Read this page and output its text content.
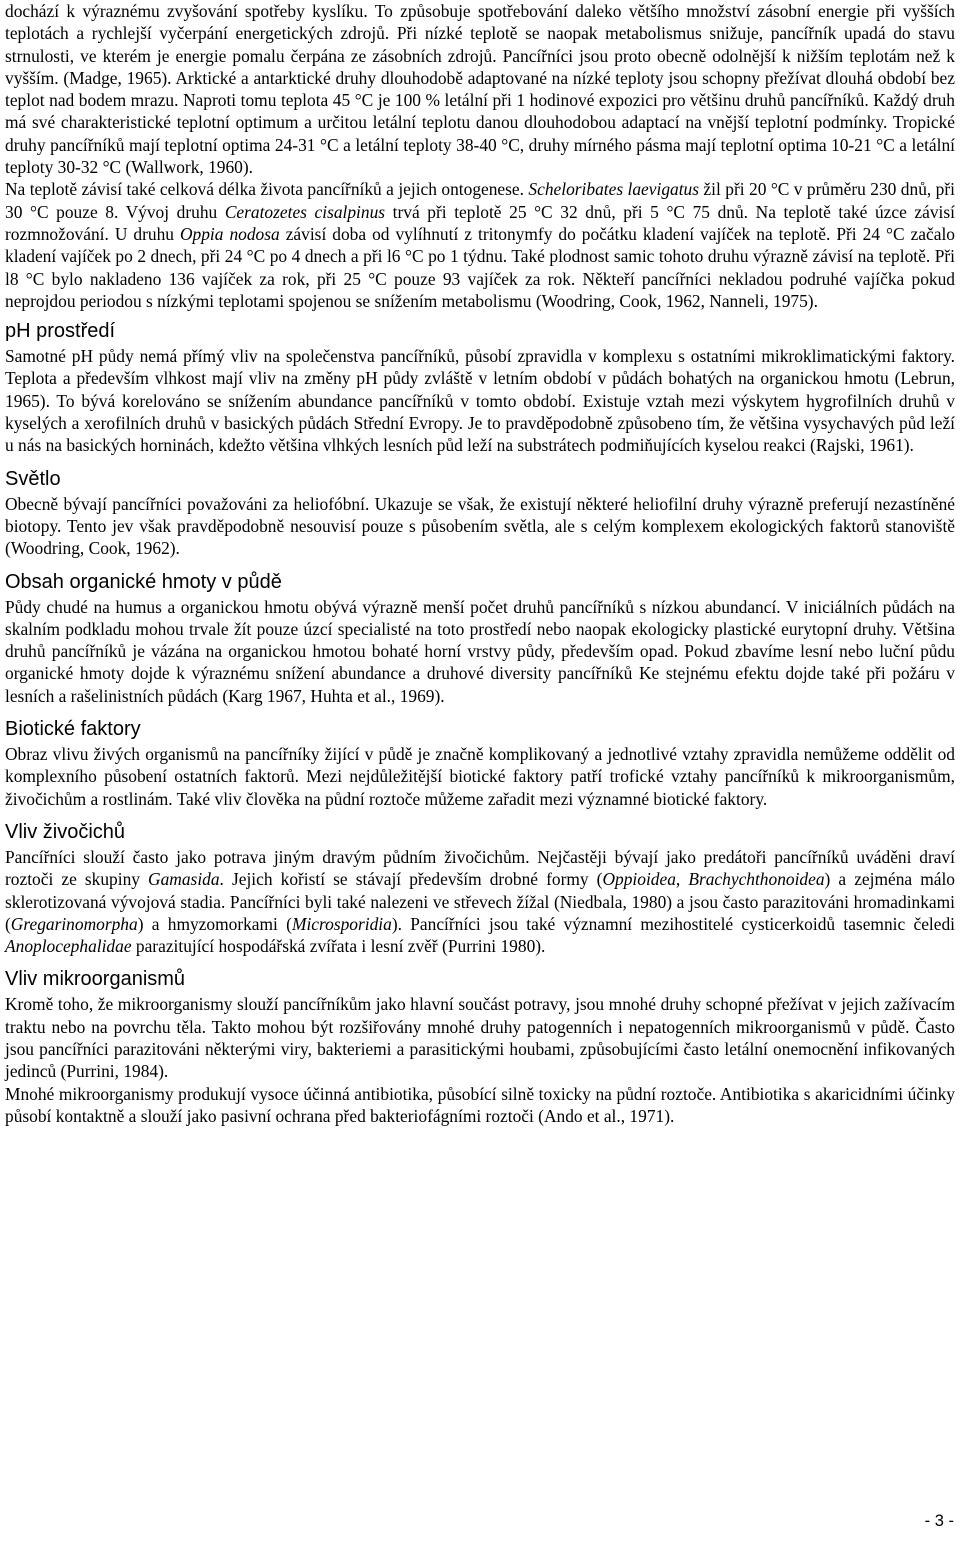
dochází k výraznému zvyšování spotřeby kyslíku. To způsobuje spotřebování daleko většího množství zásobní energie při vyšších teplotách a rychlejší vyčerpání energetických zdrojů. Při nízké teplotě se naopak metabolismus snižuje, pancířník upadá do stavu strnulosti, ve kterém je energie pomalu čerpána ze zásobních zdrojů. Pancířníci jsou proto obecně odolnější k nižším teplotám než k vyšším. (Madge, 1965). Arktické a antarktické druhy dlouhodobě adaptované na nízké teploty jsou schopny přežívat dlouhá období bez teplot nad bodem mrazu. Naproti tomu teplota 45 °C je 100 % letální při 1 hodinové expozici pro většinu druhů pancířníků. Každý druh má své charakteristické teplotní optimum a určitou letální teplotu danou dlouhodobou adaptací na vnější teplotní podmínky. Tropické druhy pancířníků mají teplotní optima 24-31 °C a letální teploty 38-40 °C, druhy mírného pásma mají teplotní optima 10-21 °C a letální teploty 30-32 °C (Wallwork, 1960).

Na teplotě závisí také celková délka života pancířníků a jejich ontogenese. Scheloribates laevigatus žil při 20 °C v průměru 230 dnů, při 30 °C pouze 8. Vývoj druhu Ceratozetes cisalpinus trvá při teplotě 25 °C 32 dnů, při 5 °C 75 dnů. Na teplotě také úzce závisí rozmnožování. U druhu Oppia nodosa závisí doba od vylíhnutí z tritonymfy do počátku kladení vajíček na teplotě. Při 24 °C začalo kladení vajíček po 2 dnech, při 24 °C po 4 dnech a při l6 °C po 1 týdnu. Také plodnost samic tohoto druhu výrazně závisí na teplotě. Při l8 °C bylo nakladeno 136 vajíček za rok, při 25 °C pouze 93 vajíček za rok. Někteří pancířníci nekladou podruhé vajíčka pokud neprojdou periodou s nízkými teplotami spojenou se snížením metabolismu (Woodring, Cook, 1962, Nanneli, 1975).

pH prostředí

Samotné pH půdy nemá přímý vliv na společenstva pancířníků, působí zpravidla v komplexu s ostatními mikroklimatickými faktory. Teplota a především vlhkost mají vliv na změny pH půdy zvláště v letním období v půdách bohatých na organickou hmotu (Lebrun, 1965). To bývá korelováno se snížením abundance pancířníků v tomto období. Existuje vztah mezi výskytem hygrofilních druhů v kyselých a xerofilních druhů v basických půdách Střední Evropy. Je to pravděpodobně způsobeno tím, že většina vysychavých půd leží u nás na basických horninách, kdežto většina vlhkých lesních půd leží na substrátech podmiňujících kyselou reakci (Rajski, 1961).

Světlo

Obecně bývají pancířníci považováni za heliofóbní. Ukazuje se však, že existují některé heliofilní druhy výrazně preferují nezastíněné biotopy. Tento jev však pravděpodobně nesouvisí pouze s působením světla, ale s celým komplexem ekologických faktorů stanoviště (Woodring, Cook, 1962).

Obsah organické hmoty v půdě

Půdy chudé na humus a organickou hmotu obývá výrazně menší počet druhů pancířníků s nízkou abundancí. V iniciálních půdách na skalním podkladu mohou trvale žít pouze úzcí specialisté na toto prostředí nebo naopak ekologicky plastické eurytopní druhy. Většina druhů pancířníků je vázána na organickou hmotou bohaté horní vrstvy půdy, především opad. Pokud zbavíme lesní nebo luční půdu organické hmoty dojde k výraznému snížení abundance a druhové diversity pancířníků Ke stejnému efektu dojde také při požáru v lesních a rašelinistních půdách (Karg 1967, Huhta et al., 1969).

Biotické faktory

Obraz vlivu živých organismů na pancířníky žijící v půdě je značně komplikovaný a jednotlivé vztahy zpravidla nemůžeme oddělit od komplexního působení ostatních faktorů. Mezi nejdůležitější biotické faktory patří trofické vztahy pancířníků k mikroorganismům, živočichům a rostlinám. Také vliv člověka na půdní roztoče můžeme zařadit mezi významné biotické faktory.

Vliv živočichů

Pancířníci slouží často jako potrava jiným dravým půdním živočichům. Nejčastěji bývají jako predátoři pancířníků uváděni draví roztoči ze skupiny Gamasida. Jejich kořistí se stávají především drobné formy (Oppioidea, Brachychthonoidea) a zejména málo sklerotizovaná vývojová stadia. Pancířníci byli také nalezeni ve střevech žížal (Niedbala, 1980) a jsou často parazitováni hromadinkami (Gregarinomorpha) a hmyzomorkami (Microsporidia). Pancířníci jsou také významní mezihostitelé cysticerkoidů tasemnic čeledi Anoplocephalidae parazitující hospodářská zvířata i lesní zvěř (Purrini 1980).

Vliv mikroorganismů

Kromě toho, že mikroorganismy slouží pancířníkům jako hlavní součást potravy, jsou mnohé druhy schopné přežívat v jejich zažívacím traktu nebo na povrchu těla. Takto mohou být rozšiřovány mnohé druhy patogenních i nepatogenních mikroorganismů v půdě. Často jsou pancířníci parazitováni některými viry, bakteriemi a parasitickými houbami, způsobujícími často letální onemocnění infikovaných jedinců (Purrini, 1984).

Mnohé mikroorganismy produkují vysoce účinná antibiotika, působící silně toxicky na půdní roztoče. Antibiotika s akaricidními účinky působí kontaktně a slouží jako pasivní ochrana před bakteriofágními roztoči (Ando et al., 1971).

- 3 -
